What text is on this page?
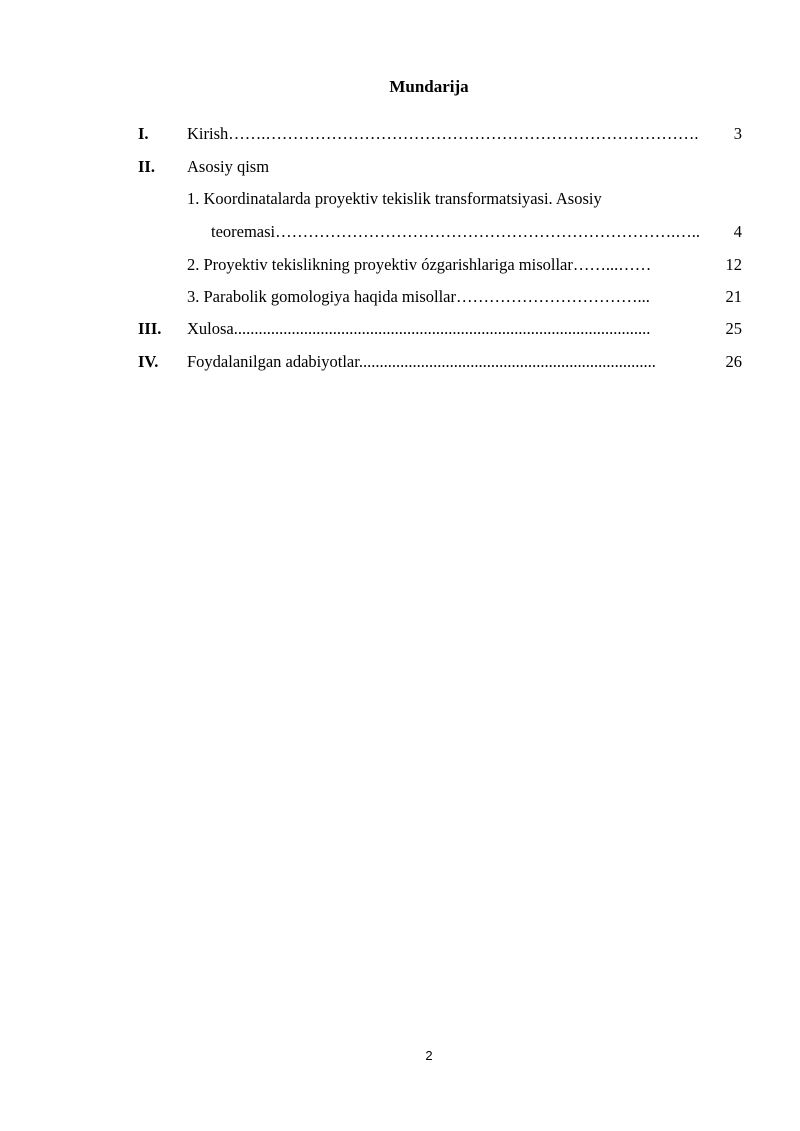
Mundarija
I. Kirish…….…………………………………………………………………….	3
II. Asosiy qism
1. Koordinatalarda proyektiv tekislik transformatsiyasi. Asosiy
teoremasi……………………………………………………………….…..	4
2. Proyektiv tekislikning proyektiv ózgarishlariga misollar……...……	12
3. Parabolik gomologiya haqida misollar……………………………...	21
III. Xulosa.....................................................................................................	25
IV. Foydalanilgan adabiyotlar........................................................................	26
2
